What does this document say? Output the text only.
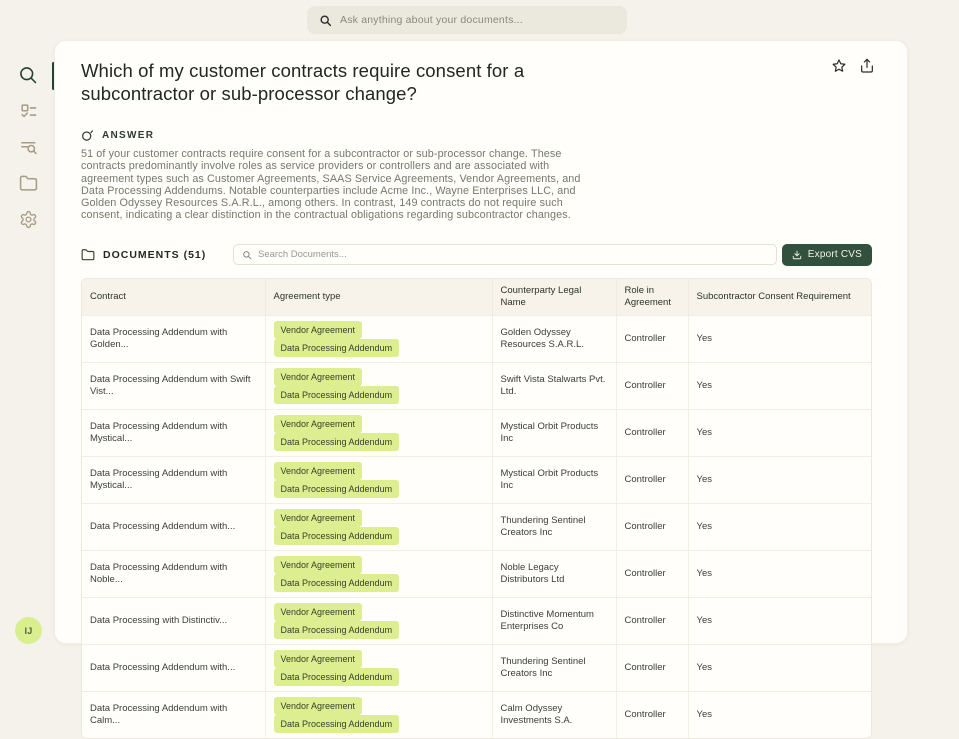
Ask anything about your documents...
IJ
Which of my customer contracts require consent for a subcontractor or sub-processor change?
ANSWER

51 of your customer contracts require consent for a subcontractor or sub-processor change. These contracts predominantly involve roles as service providers or controllers and are associated with agreement types such as Customer Agreements, SAAS Service Agreements, Vendor Agreements, and Data Processing Addendums. Notable counterparties include Acme Inc., Wayne Enterprises LLC, and Golden Odyssey Resources S.A.R.L., among others. In contrast, 149 contracts do not require such consent, indicating a clear distinction in the contractual obligations regarding subcontractor changes.

DOCUMENTS (51)	Search Documents...	Export CVS
Contract	Agreement type	Counterparty Legal Name	Role in Agreement	Subcontractor Consent Requirement
Data Processing Addendum with Golden...	Vendor AgreementData Processing Addendum	Golden Odyssey Resources S.A.R.L.	Controller	Yes
Data Processing Addendum with Swift Vist...	Vendor AgreementData Processing Addendum	Swift Vista Stalwarts Pvt. Ltd.	Controller	Yes
Data Processing Addendum with Mystical...	Vendor AgreementData Processing Addendum	Mystical Orbit Products Inc	Controller	Yes
Data Processing Addendum with Mystical...	Vendor AgreementData Processing Addendum	Mystical Orbit Products Inc	Controller	Yes
Data Processing Addendum with...	Vendor AgreementData Processing Addendum	Thundering Sentinel Creators Inc	Controller	Yes
Data Processing Addendum with Noble...	Vendor AgreementData Processing Addendum	Noble Legacy Distributors Ltd	Controller	Yes
Data Processing with Distinctiv...	Vendor AgreementData Processing Addendum	Distinctive Momentum Enterprises Co	Controller	Yes
Data Processing Addendum with...	Vendor AgreementData Processing Addendum	Thundering Sentinel Creators Inc	Controller	Yes
Data Processing Addendum with Calm...	Vendor AgreementData Processing Addendum	Calm Odyssey Investments S.A.	Controller	Yes
